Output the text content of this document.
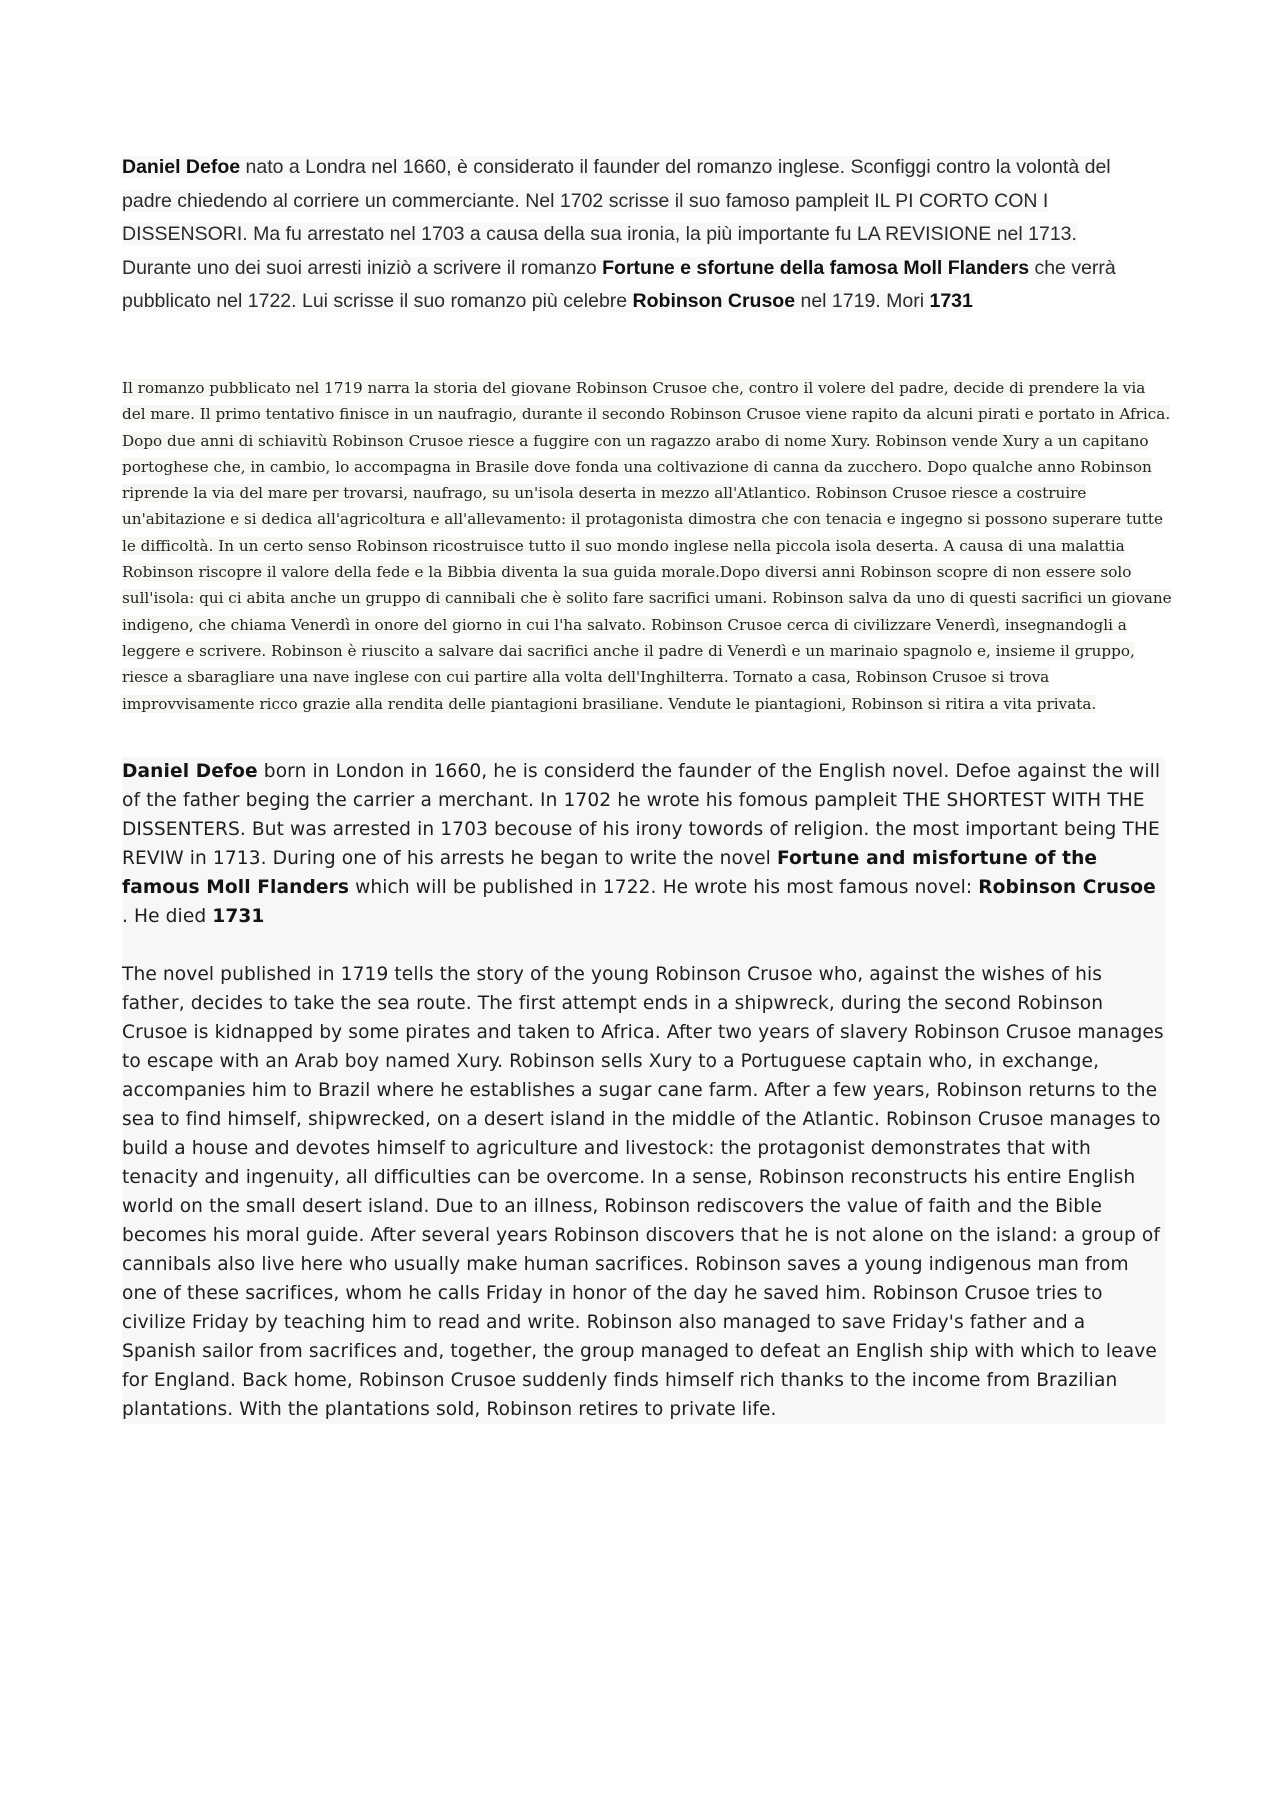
Daniel Defoe nato a Londra nel 1660, è considerato il faunder del romanzo inglese. Sconfiggi contro la volontà del padre chiedendo al corriere un commerciante. Nel 1702 scrisse il suo famoso pampleit IL PI CORTO CON I DISSENSORI. Ma fu arrestato nel 1703 a causa della sua ironia, la più importante fu LA REVISIONE nel 1713. Durante uno dei suoi arresti iniziò a scrivere il romanzo Fortune e sfortune della famosa Moll Flanders che verrà pubblicato nel 1722. Lui scrisse il suo romanzo più celebre Robinson Crusoe nel 1719. Mori 1731

Il romanzo pubblicato nel 1719 narra la storia del giovane Robinson Crusoe che, contro il volere del padre, decide di prendere la via del mare. Il primo tentativo finisce in un naufragio, durante il secondo Robinson Crusoe viene rapito da alcuni pirati e portato in Africa. Dopo due anni di schiavitù Robinson Crusoe riesce a fuggire con un ragazzo arabo di nome Xury. Robinson vende Xury a un capitano portoghese che, in cambio, lo accompagna in Brasile dove fonda una coltivazione di canna da zucchero. Dopo qualche anno Robinson riprende la via del mare per trovarsi, naufrago, su un'isola deserta in mezzo all'Atlantico. Robinson Crusoe riesce a costruire un'abitazione e si dedica all'agricoltura e all'allevamento: il protagonista dimostra che con tenacia e ingegno si possono superare tutte le difficoltà. In un certo senso Robinson ricostruisce tutto il suo mondo inglese nella piccola isola deserta. A causa di una malattia Robinson riscopre il valore della fede e la Bibbia diventa la sua guida morale.Dopo diversi anni Robinson scopre di non essere solo sull'isola: qui ci abita anche un gruppo di cannibali che è solito fare sacrifici umani. Robinson salva da uno di questi sacrifici un giovane indigeno, che chiama Venerdì in onore del giorno in cui l'ha salvato. Robinson Crusoe cerca di civilizzare Venerdì, insegnandogli a leggere e scrivere. Robinson è riuscito a salvare dai sacrifici anche il padre di Venerdì e un marinaio spagnolo e, insieme il gruppo, riesce a sbaragliare una nave inglese con cui partire alla volta dell'Inghilterra. Tornato a casa, Robinson Crusoe si trova improvvisamente ricco grazie alla rendita delle piantagioni brasiliane. Vendute le piantagioni, Robinson si ritira a vita privata.

Daniel Defoe born in London in 1660, he is considerd the faunder of the English novel. Defoe against the will of the father beging the carrier a merchant. In 1702 he wrote his fomous pampleit THE SHORTEST WITH THE DISSENTERS. But was arrested in 1703 becouse of his irony towords of religion. the most important being THE REVIW in 1713. During one of his arrests he began to write the novel Fortune and misfortune of the famous Moll Flanders which will be published in 1722. He wrote his most famous novel: Robinson Crusoe . He died 1731

The novel published in 1719 tells the story of the young Robinson Crusoe who, against the wishes of his father, decides to take the sea route. The first attempt ends in a shipwreck, during the second Robinson Crusoe is kidnapped by some pirates and taken to Africa. After two years of slavery Robinson Crusoe manages to escape with an Arab boy named Xury. Robinson sells Xury to a Portuguese captain who, in exchange, accompanies him to Brazil where he establishes a sugar cane farm. After a few years, Robinson returns to the sea to find himself, shipwrecked, on a desert island in the middle of the Atlantic. Robinson Crusoe manages to build a house and devotes himself to agriculture and livestock: the protagonist demonstrates that with tenacity and ingenuity, all difficulties can be overcome. In a sense, Robinson reconstructs his entire English world on the small desert island. Due to an illness, Robinson rediscovers the value of faith and the Bible becomes his moral guide. After several years Robinson discovers that he is not alone on the island: a group of cannibals also live here who usually make human sacrifices. Robinson saves a young indigenous man from one of these sacrifices, whom he calls Friday in honor of the day he saved him. Robinson Crusoe tries to civilize Friday by teaching him to read and write. Robinson also managed to save Friday's father and a Spanish sailor from sacrifices and, together, the group managed to defeat an English ship with which to leave for England. Back home, Robinson Crusoe suddenly finds himself rich thanks to the income from Brazilian plantations. With the plantations sold, Robinson retires to private life.
